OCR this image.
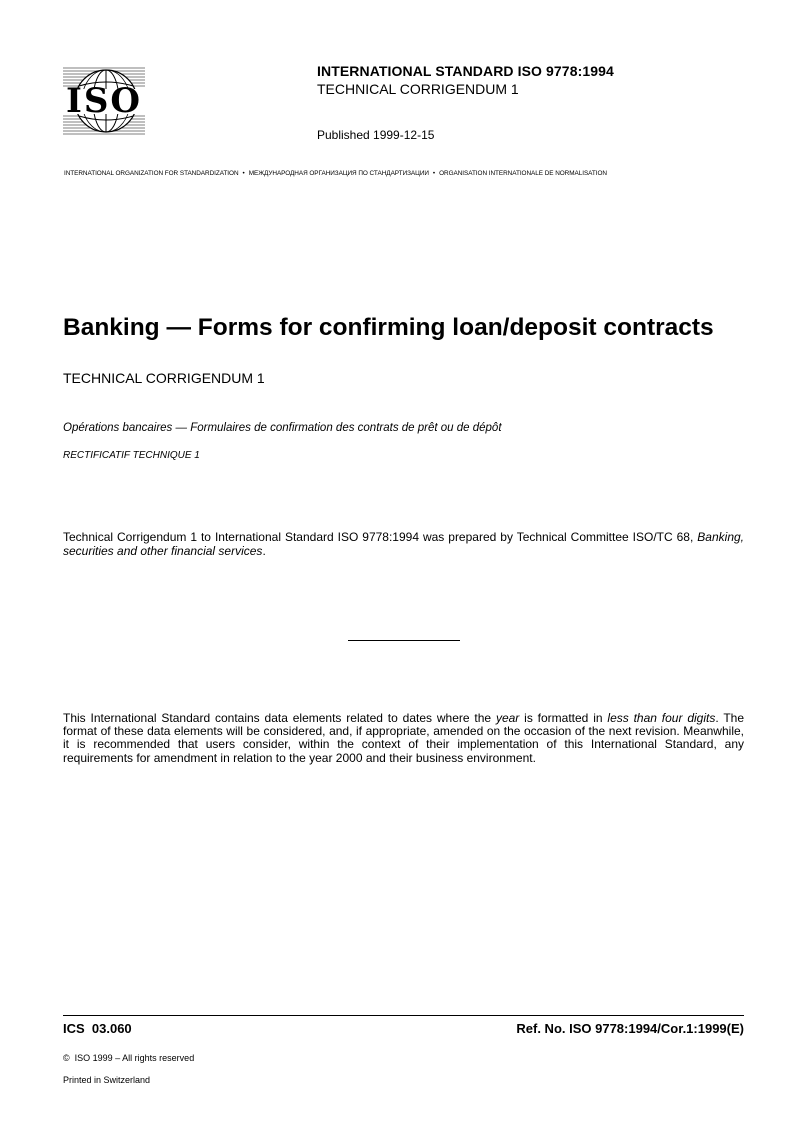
ISO
INTERNATIONAL STANDARD ISO 9778:1994
TECHNICAL CORRIGENDUM 1
Published 1999-12-15
INTERNATIONAL ORGANIZATION FOR STANDARDIZATION • МЕЖДУНАРОДНАЯ ОРГАНИЗАЦИЯ ПО СТАНДАРТИЗАЦИИ • ORGANISATION INTERNATIONALE DE NORMALISATION
Banking — Forms for confirming loan/deposit contracts
TECHNICAL CORRIGENDUM 1
Opérations bancaires — Formulaires de confirmation des contrats de prêt ou de dépôt
RECTIFICATIF TECHNIQUE 1
Technical Corrigendum 1 to International Standard ISO 9778:1994 was prepared by Technical Committee ISO/TC 68, Banking, securities and other financial services.
This International Standard contains data elements related to dates where the year is formatted in less than four digits. The format of these data elements will be considered, and, if appropriate, amended on the occasion of the next revision. Meanwhile, it is recommended that users consider, within the context of their implementation of this International Standard, any requirements for amendment in relation to the year 2000 and their business environment.
ICS  03.060	Ref. No. ISO 9778:1994/Cor.1:1999(E)
©  ISO 1999 – All rights reserved
Printed in Switzerland
